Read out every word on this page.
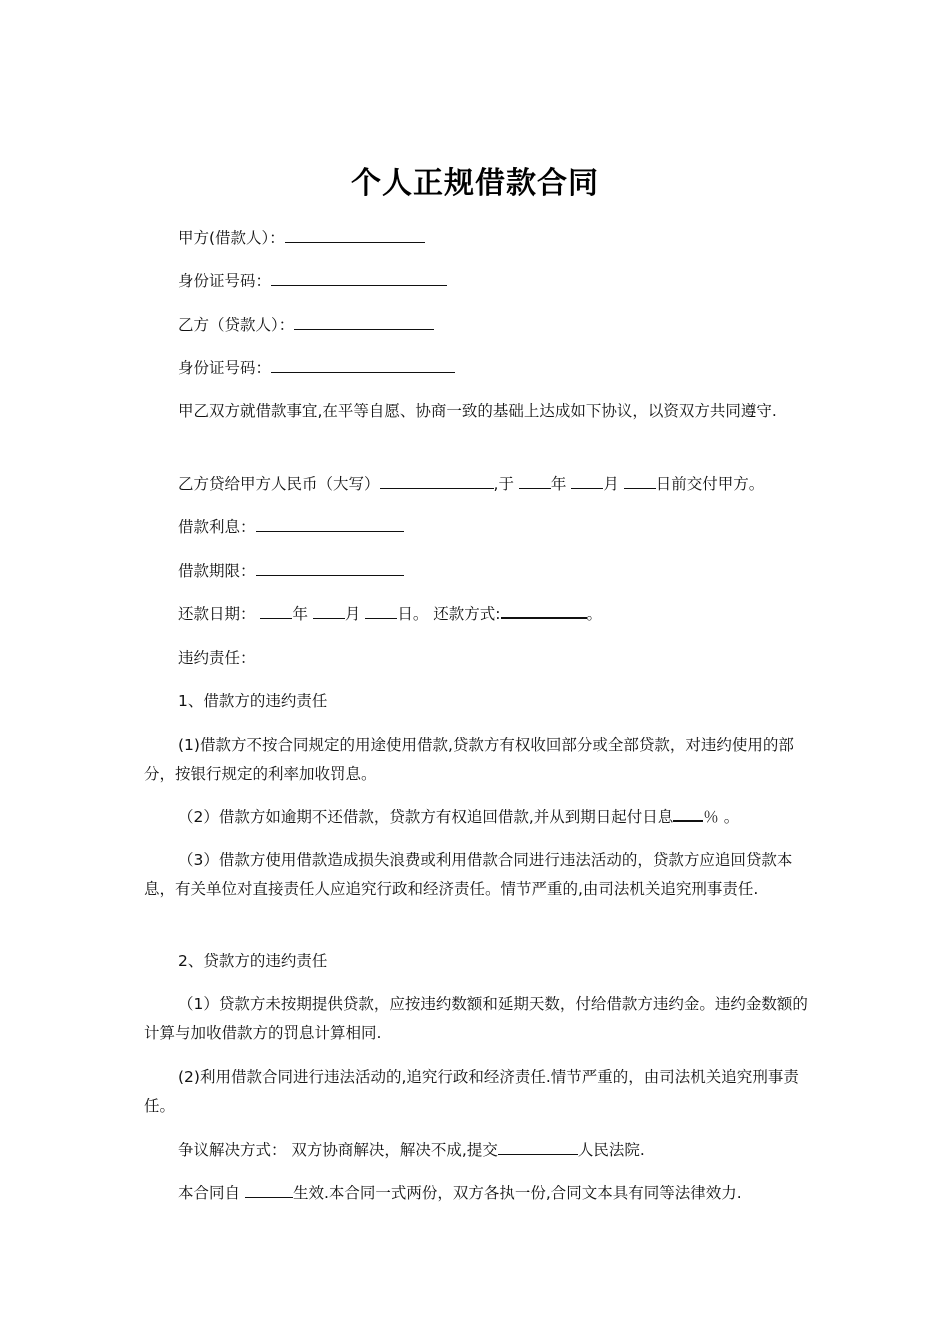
个人正规借款合同

甲方(借款人）：

身份证号码：

乙方（贷款人）：

身份证号码：

甲乙双方就借款事宜,在平等自愿、协商一致的基础上达成如下协议，以资双方共同遵守.

乙方贷给甲方人民币（大写）	,于 年 月 日前交付甲方。

借款利息：

借款期限：

还款日期： 年 月 日。 还款方式:	。

违约责任：

1、借款方的违约责任

(1)借款方不按合同规定的用途使用借款,贷款方有权收回部分或全部贷款，对违约使用的部分，按银行规定的利率加收罚息。

（2）借款方如逾期不还借款，贷款方有权追回借款,并从到期日起付日息 ％ 。

（3）借款方使用借款造成损失浪费或利用借款合同进行违法活动的，贷款方应追回贷款本息，有关单位对直接责任人应追究行政和经济责任。情节严重的,由司法机关追究刑事责任.

2、贷款方的违约责任

（1）贷款方未按期提供贷款，应按违约数额和延期天数，付给借款方违约金。违约金数额的计算与加收借款方的罚息计算相同.

(2)利用借款合同进行违法活动的,追究行政和经济责任.情节严重的，由司法机关追究刑事责任。

争议解决方式： 双方协商解决，解决不成,提交	人民法院.

本合同自	生效.本合同一式两份，双方各执一份,合同文本具有同等法律效力.
